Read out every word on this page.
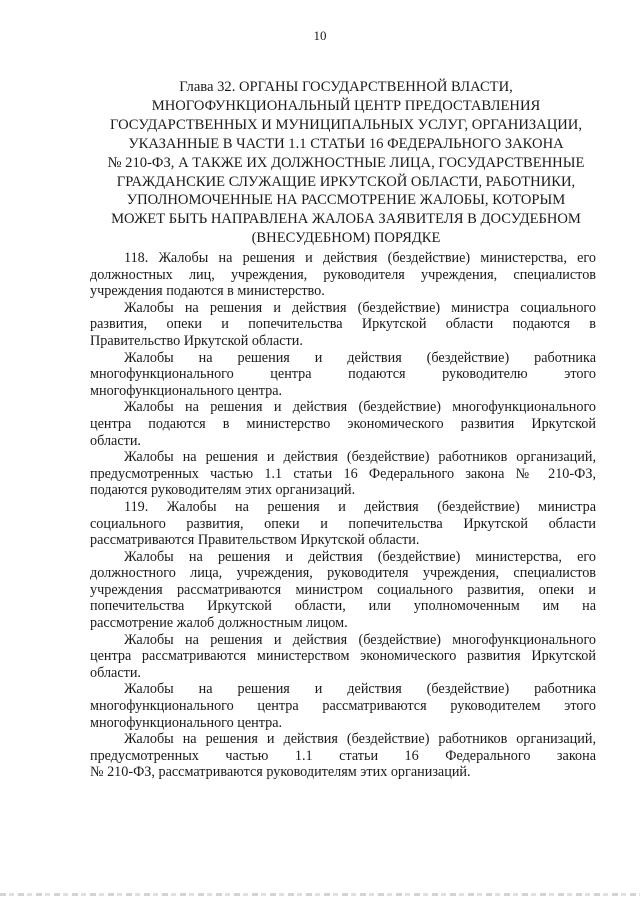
10
Глава 32. ОРГАНЫ ГОСУДАРСТВЕННОЙ ВЛАСТИ,
МНОГОФУНКЦИОНАЛЬНЫЙ ЦЕНТР ПРЕДОСТАВЛЕНИЯ
ГОСУДАРСТВЕННЫХ И МУНИЦИПАЛЬНЫХ УСЛУГ, ОРГАНИЗАЦИИ,
УКАЗАННЫЕ В ЧАСТИ 1.1 СТАТЬИ 16 ФЕДЕРАЛЬНОГО ЗАКОНА
№ 210-ФЗ, А ТАКЖЕ ИХ ДОЛЖНОСТНЫЕ ЛИЦА, ГОСУДАРСТВЕННЫЕ
ГРАЖДАНСКИЕ СЛУЖАЩИЕ ИРКУТСКОЙ ОБЛАСТИ, РАБОТНИКИ,
УПОЛНОМОЧЕННЫЕ НА РАССМОТРЕНИЕ ЖАЛОБЫ, КОТОРЫМ
МОЖЕТ БЫТЬ НАПРАВЛЕНА ЖАЛОБА ЗАЯВИТЕЛЯ В ДОСУДЕБНОМ
(ВНЕСУДЕБНОМ) ПОРЯДКЕ
118. Жалобы на решения и действия (бездействие) министерства, его
должностных лиц, учреждения, руководителя учреждения, специалистов
учреждения подаются в министерство.
Жалобы на решения и действия (бездействие) министра социального
развития, опеки и попечительства Иркутской области подаются в
Правительство Иркутской области.
Жалобы на решения и действия (бездействие) работника
многофункционального центра подаются руководителю этого
многофункционального центра.
Жалобы на решения и действия (бездействие) многофункционального
центра подаются в министерство экономического развития Иркутской
области.
Жалобы на решения и действия (бездействие) работников организаций,
предусмотренных частью 1.1 статьи 16 Федерального закона № 210-ФЗ,
подаются руководителям этих организаций.
119. Жалобы на решения и действия (бездействие) министра
социального развития, опеки и попечительства Иркутской области
рассматриваются Правительством Иркутской области.
Жалобы на решения и действия (бездействие) министерства, его
должностного лица, учреждения, руководителя учреждения, специалистов
учреждения рассматриваются министром социального развития, опеки и
попечительства Иркутской области, или уполномоченным им на
рассмотрение жалоб должностным лицом.
Жалобы на решения и действия (бездействие) многофункционального
центра рассматриваются министерством экономического развития Иркутской
области.
Жалобы на решения и действия (бездействие) работника
многофункционального центра рассматриваются руководителем этого
многофункционального центра.
Жалобы на решения и действия (бездействие) работников организаций,
предусмотренных частью 1.1 статьи 16 Федерального закона
№ 210-ФЗ, рассматриваются руководителям этих организаций.
